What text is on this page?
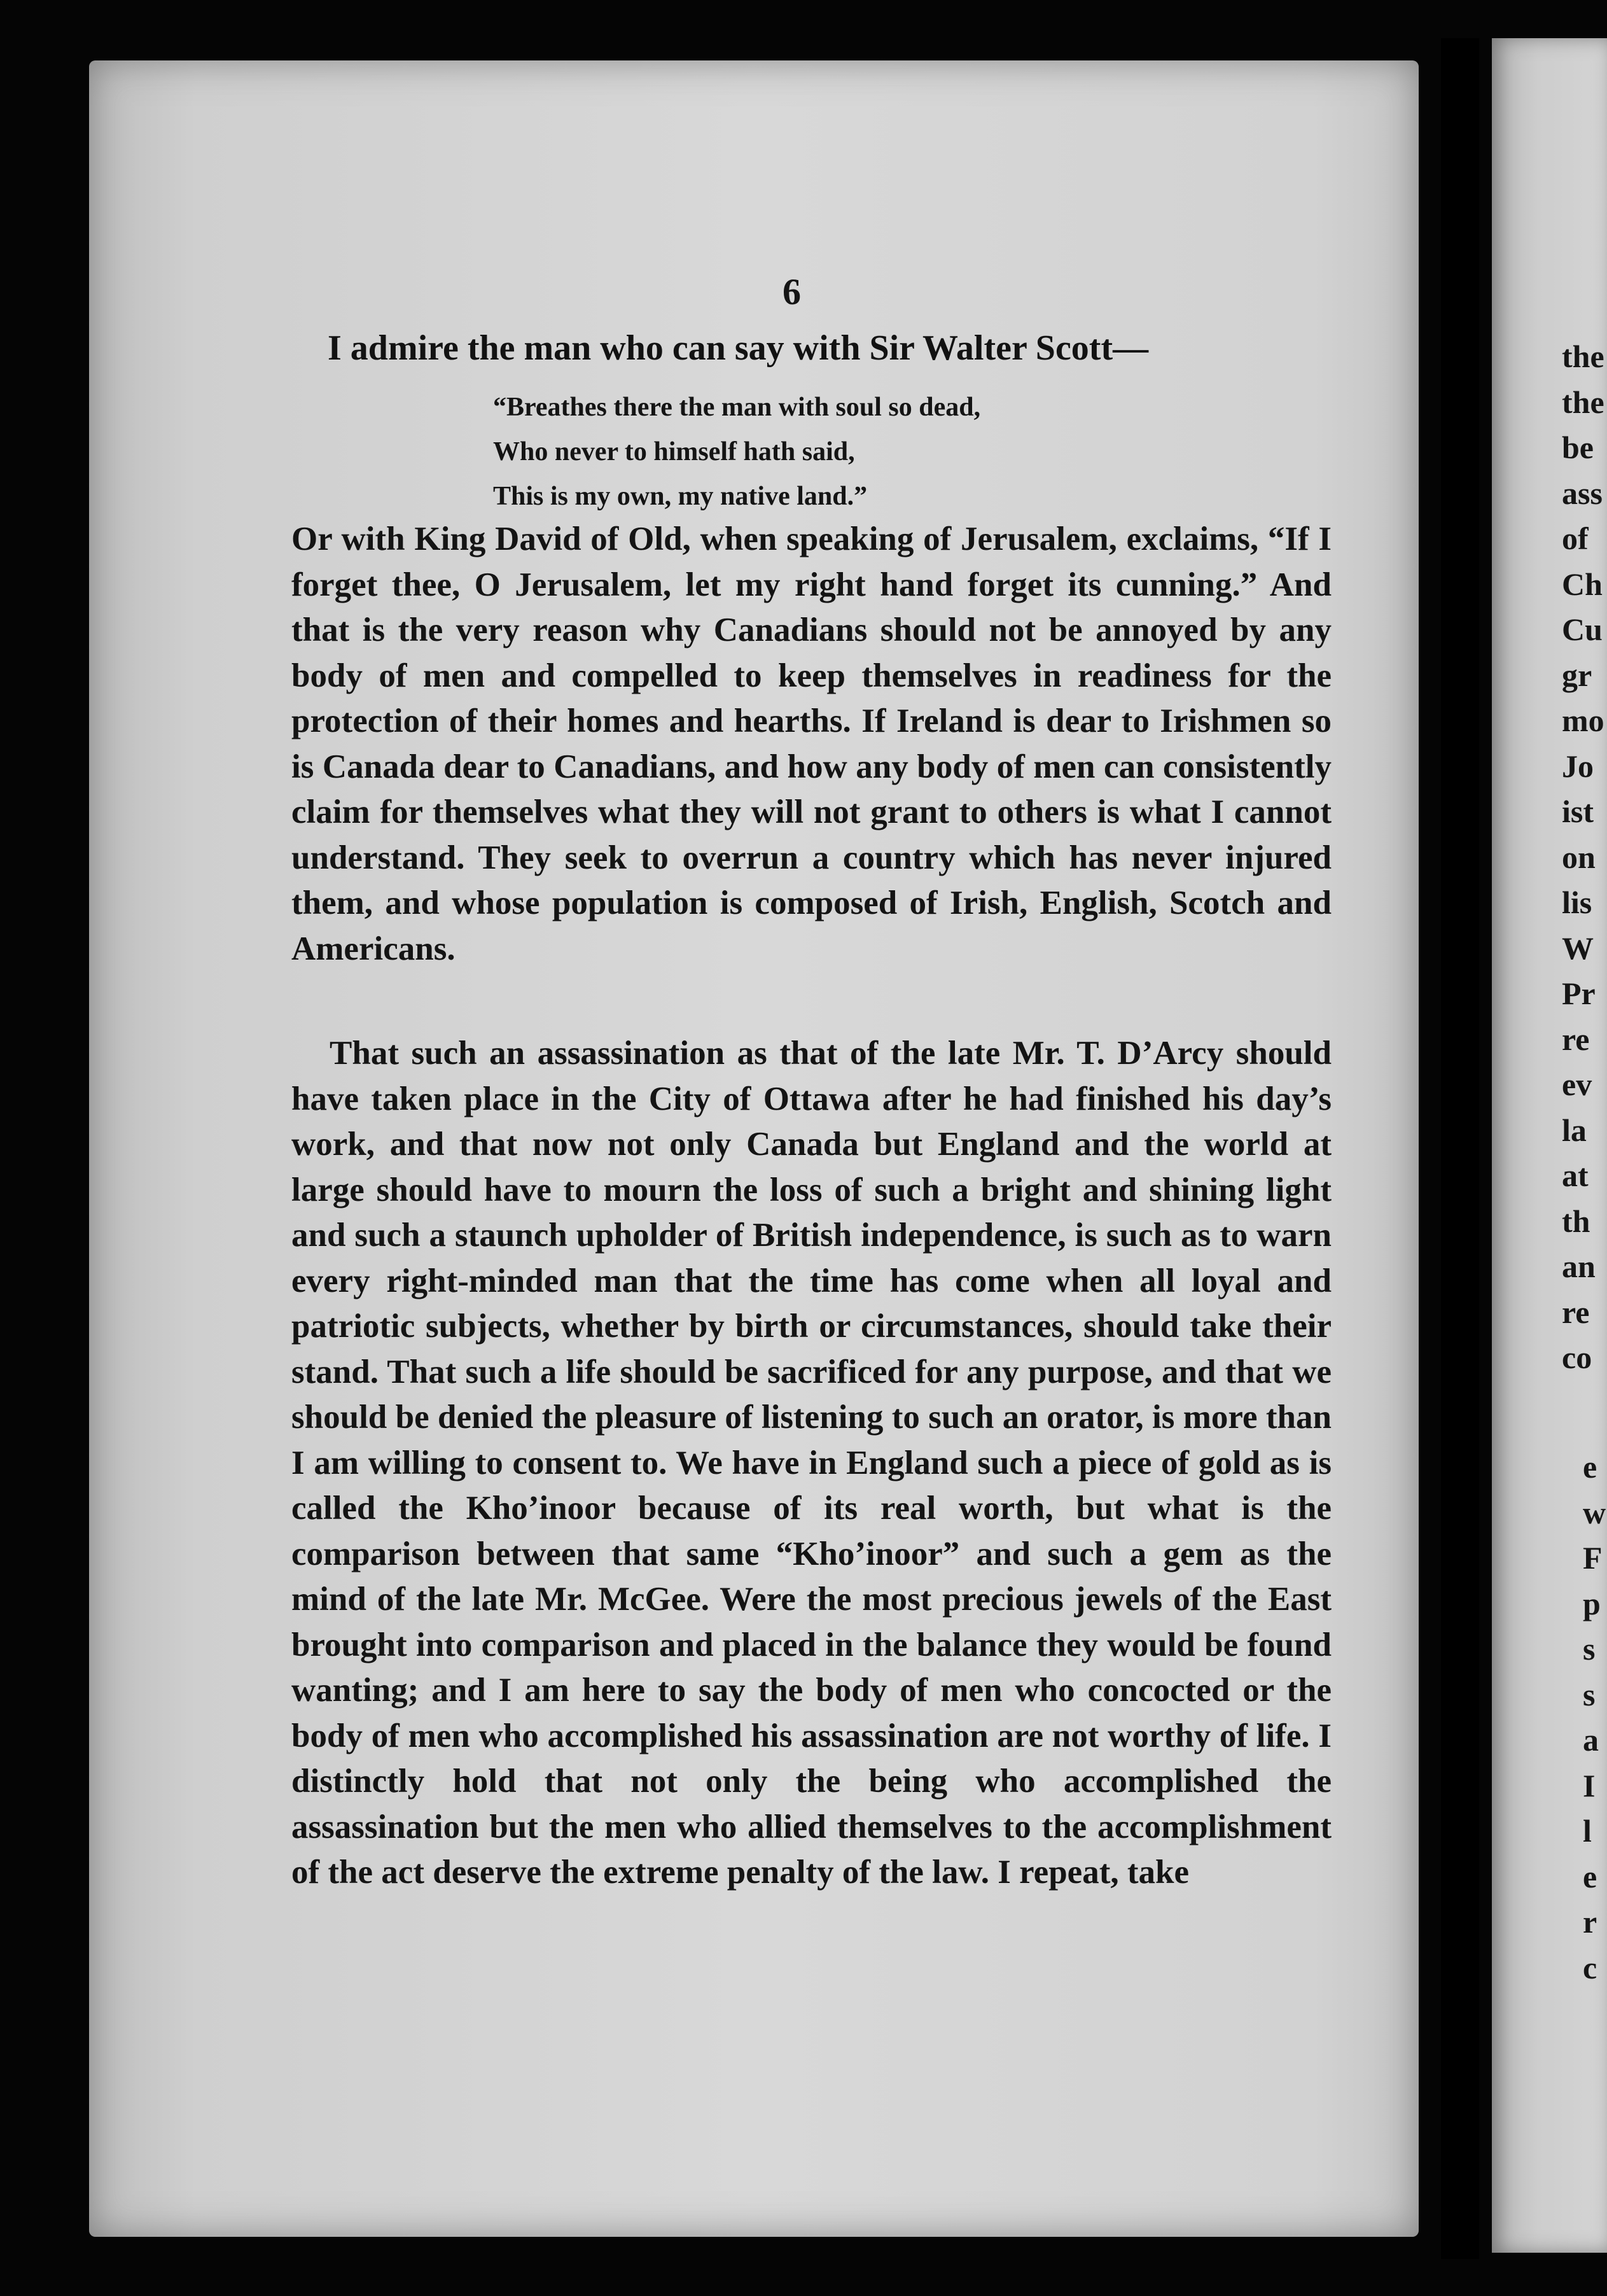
6
I admire the man who can say with Sir Walter Scott—
“Breathes there the man with soul so dead,
Who never to himself hath said,
This is my own, my native land.”
Or with King David of Old, when speaking of Jerusalem, exclaims, “If I forget thee, O Jerusalem, let my right hand forget its cunning.” And that is the very reason why Canadians should not be annoyed by any body of men and compelled to keep themselves in readiness for the protection of their homes and hearths. If Ireland is dear to Irishmen so is Canada dear to Canadians, and how any body of men can consistently claim for themselves what they will not grant to others is what I cannot understand. They seek to overrun a country which has never injured them, and whose population is composed of Irish, English, Scotch and Americans.
That such an assassination as that of the late Mr. T. D’Arcy should have taken place in the City of Ottawa after he had finished his day’s work, and that now not only Canada but England and the world at large should have to mourn the loss of such a bright and shining light and such a staunch upholder of British independence, is such as to warn every right-minded man that the time has come when all loyal and patriotic subjects, whether by birth or circumstances, should take their stand. That such a life should be sacrificed for any purpose, and that we should be denied the pleasure of listening to such an orator, is more than I am willing to consent to. We have in England such a piece of gold as is called the Kho’inoor because of its real worth, but what is the comparison between that same “Kho’inoor” and such a gem as the mind of the late Mr. McGee. Were the most precious jewels of the East brought into comparison and placed in the balance they would be found wanting; and I am here to say the body of men who concocted or the body of men who accomplished his assassination are not worthy of life. I distinctly hold that not only the being who accomplished the assassination but the men who allied themselves to the accomplishment of the act deserve the extreme penalty of the law. I repeat, take
the
the
be
ass
of
Ch
Cu
gr
mo
Jo
ist
on
lis
W
Pr
re
ev
la
at
th
an
re
co
e
w
F
p
s
s
a
I
l
e
r
c
